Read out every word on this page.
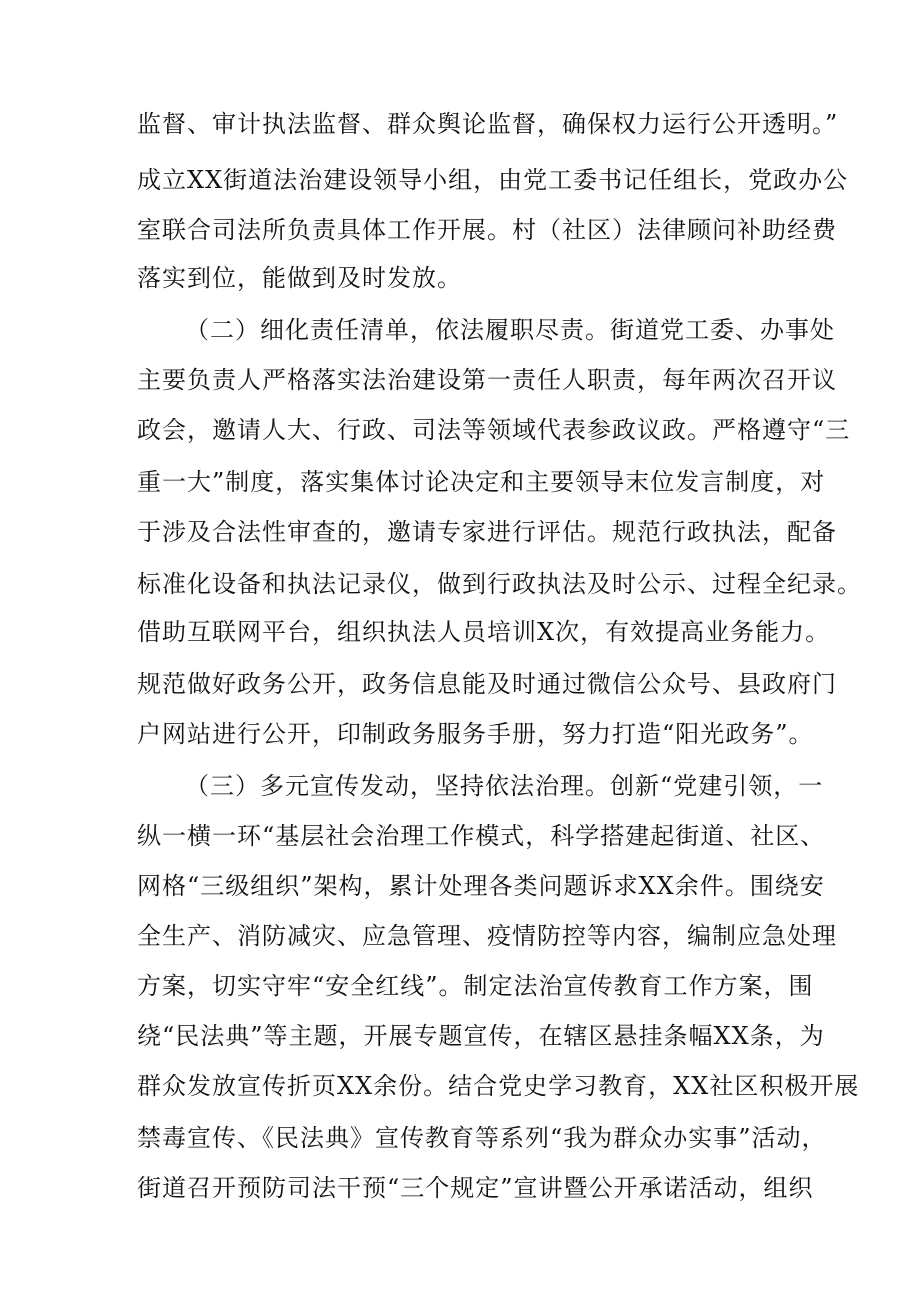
监督、审计执法监督、群众舆论监督，确保权力运行公开透明。”
成立XX街道法治建设领导小组，由党工委书记任组长，党政办公
室联合司法所负责具体工作开展。村（社区）法律顾问补助经费
落实到位，能做到及时发放。
（二）细化责任清单，依法履职尽责。街道党工委、办事处
主要负责人严格落实法治建设第一责任人职责，每年两次召开议
政会，邀请人大、行政、司法等领域代表参政议政。严格遵守“三
重一大”制度，落实集体讨论决定和主要领导末位发言制度，对
于涉及合法性审查的，邀请专家进行评估。规范行政执法，配备
标准化设备和执法记录仪，做到行政执法及时公示、过程全纪录。
借助互联网平台，组织执法人员培训X次，有效提高业务能力。
规范做好政务公开，政务信息能及时通过微信公众号、县政府门
户网站进行公开，印制政务服务手册，努力打造“阳光政务”。
（三）多元宣传发动，坚持依法治理。创新“党建引领，一
纵一横一环“基层社会治理工作模式，科学搭建起街道、社区、
网格“三级组织”架构，累计处理各类问题诉求XX余件。围绕安
全生产、消防减灾、应急管理、疫情防控等内容，编制应急处理
方案，切实守牢“安全红线”。制定法治宣传教育工作方案，围
绕“民法典”等主题，开展专题宣传，在辖区悬挂条幅XX条，为
群众发放宣传折页XX余份。结合党史学习教育，XX社区积极开展
禁毒宣传、《民法典》宣传教育等系列“我为群众办实事”活动，
街道召开预防司法干预“三个规定”宣讲暨公开承诺活动，组织
